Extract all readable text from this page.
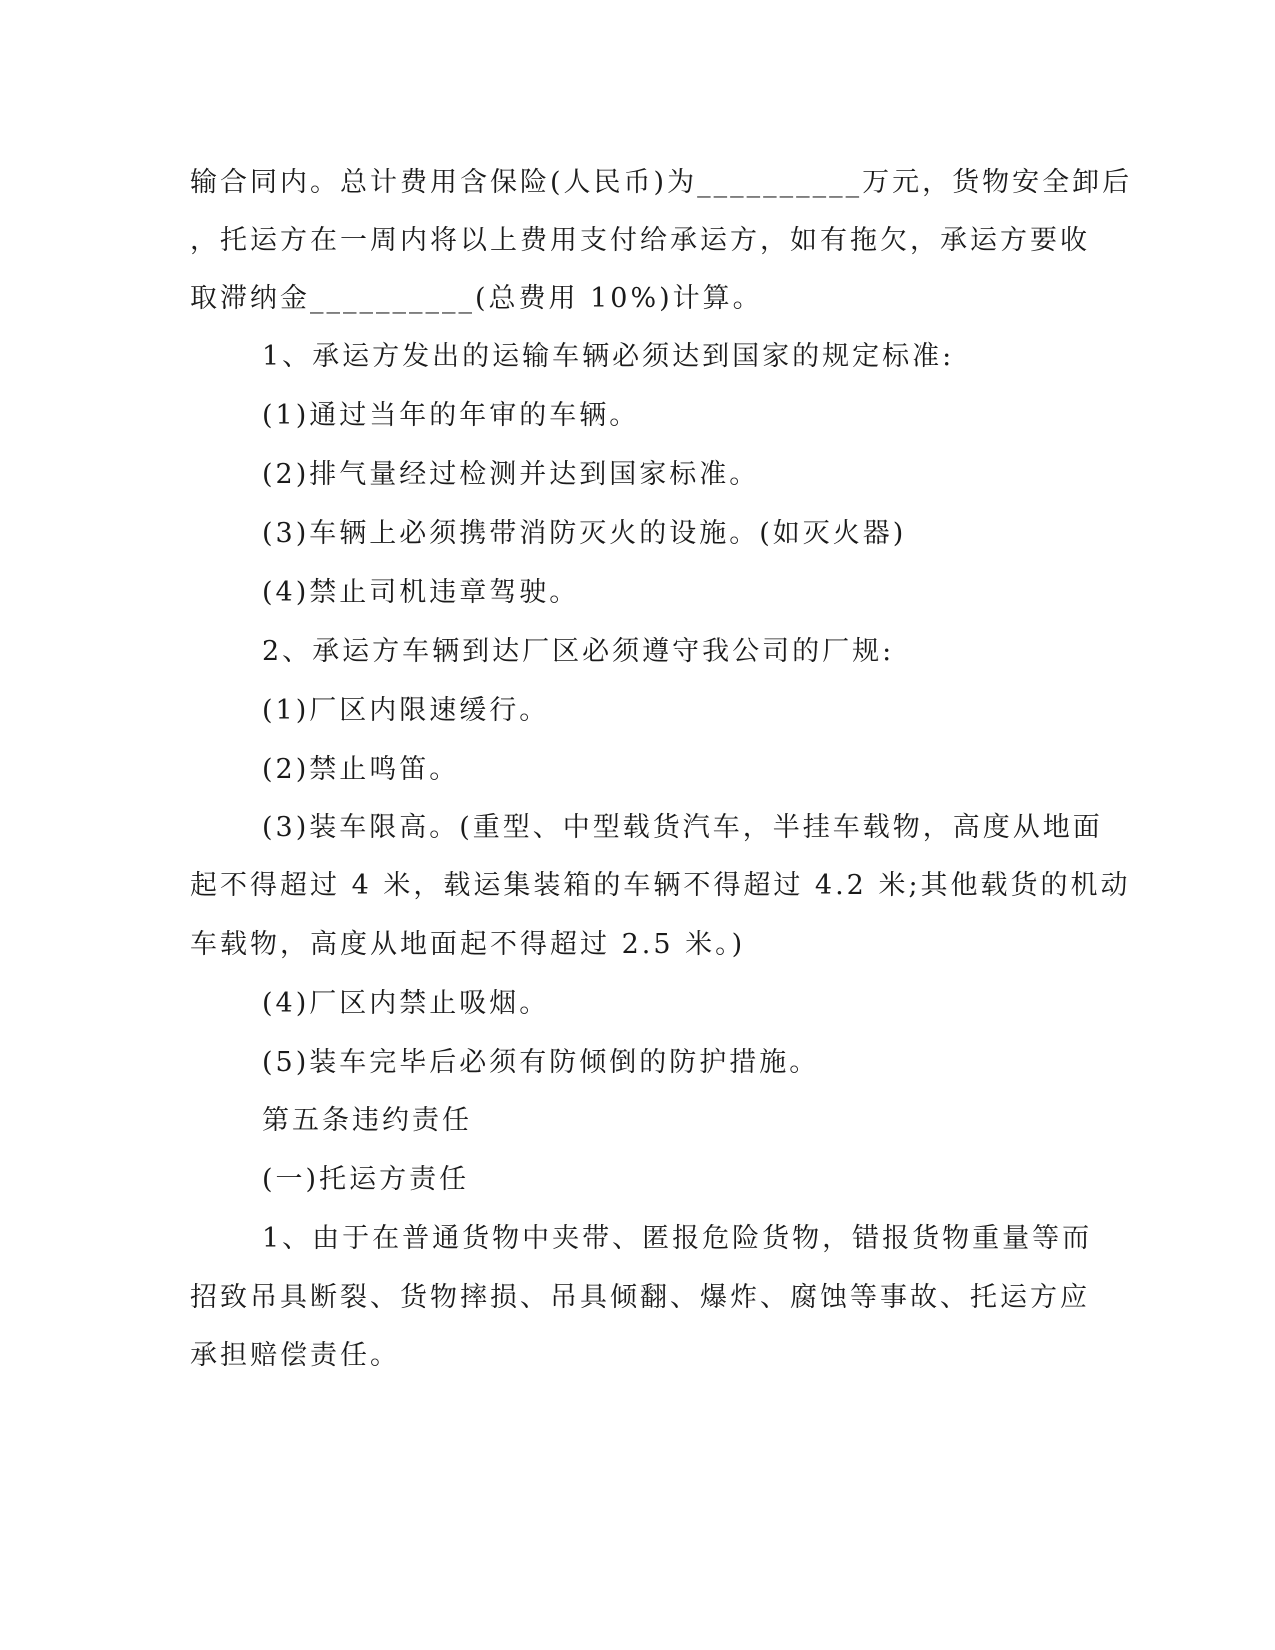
输合同内。总计费用含保险(人民币)为__________万元，货物安全卸后
，托运方在一周内将以上费用支付给承运方，如有拖欠，承运方要收
取滞纳金__________(总费用 10%)计算。
1、承运方发出的运输车辆必须达到国家的规定标准:
(1)通过当年的年审的车辆。
(2)排气量经过检测并达到国家标准。
(3)车辆上必须携带消防灭火的设施。(如灭火器)
(4)禁止司机违章驾驶。
2、承运方车辆到达厂区必须遵守我公司的厂规:
(1)厂区内限速缓行。
(2)禁止鸣笛。
(3)装车限高。(重型、中型载货汽车，半挂车载物，高度从地面
起不得超过 4 米，载运集装箱的车辆不得超过 4.2 米;其他载货的机动
车载物，高度从地面起不得超过 2.5 米。)
(4)厂区内禁止吸烟。
(5)装车完毕后必须有防倾倒的防护措施。
第五条违约责任
(一)托运方责任
1、由于在普通货物中夹带、匿报危险货物，错报货物重量等而
招致吊具断裂、货物摔损、吊具倾翻、爆炸、腐蚀等事故、托运方应
承担赔偿责任。
